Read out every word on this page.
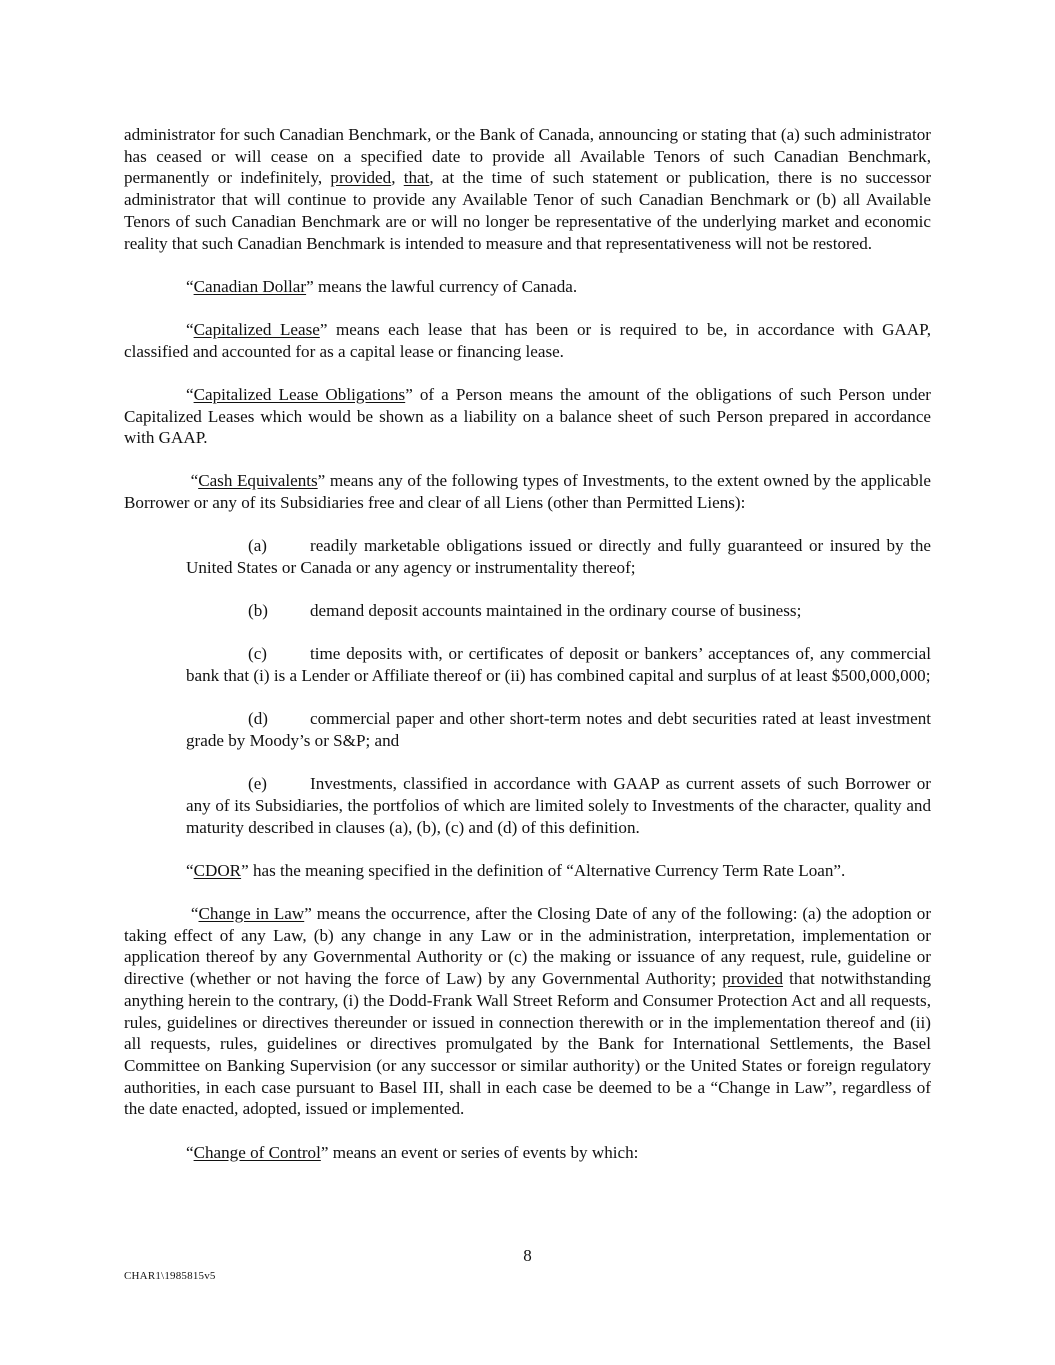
administrator for such Canadian Benchmark, or the Bank of Canada, announcing or stating that (a) such administrator has ceased or will cease on a specified date to provide all Available Tenors of such Canadian Benchmark, permanently or indefinitely, provided, that, at the time of such statement or publication, there is no successor administrator that will continue to provide any Available Tenor of such Canadian Benchmark or (b) all Available Tenors of such Canadian Benchmark are or will no longer be representative of the underlying market and economic reality that such Canadian Benchmark is intended to measure and that representativeness will not be restored.

“Canadian Dollar” means the lawful currency of Canada.

“Capitalized Lease” means each lease that has been or is required to be, in accordance with GAAP, classified and accounted for as a capital lease or financing lease.

“Capitalized Lease Obligations” of a Person means the amount of the obligations of such Person under Capitalized Leases which would be shown as a liability on a balance sheet of such Person prepared in accordance with GAAP.

“Cash Equivalents” means any of the following types of Investments, to the extent owned by the applicable Borrower or any of its Subsidiaries free and clear of all Liens (other than Permitted Liens):

(a)	readily marketable obligations issued or directly and fully guaranteed or insured by the United States or Canada or any agency or instrumentality thereof;

(b) demand deposit accounts maintained in the ordinary course of business;

(c)	time deposits with, or certificates of deposit or bankers’ acceptances of, any commercial bank that (i) is a Lender or Affiliate thereof or (ii) has combined capital and surplus of at least $500,000,000;

(d) commercial paper and other short-term notes and debt securities rated at least investment grade by Moody’s or S&P; and

(e)	Investments, classified in accordance with GAAP as current assets of such Borrower or any of its Subsidiaries, the portfolios of which are limited solely to Investments of the character, quality and maturity described in clauses (a), (b), (c) and (d) of this definition.

“CDOR” has the meaning specified in the definition of “Alternative Currency Term Rate Loan”.

“Change in Law” means the occurrence, after the Closing Date of any of the following: (a) the adoption or taking effect of any Law, (b) any change in any Law or in the administration, interpretation, implementation or application thereof by any Governmental Authority or (c) the making or issuance of any request, rule, guideline or directive (whether or not having the force of Law) by any Governmental Authority; provided that notwithstanding anything herein to the contrary, (i) the Dodd-Frank Wall Street Reform and Consumer Protection Act and all requests, rules, guidelines or directives thereunder or issued in connection therewith or in the implementation thereof and (ii) all requests, rules, guidelines or directives promulgated by the Bank for International Settlements, the Basel Committee on Banking Supervision (or any successor or similar authority) or the United States or foreign regulatory authorities, in each case pursuant to Basel III, shall in each case be deemed to be a “Change in Law”, regardless of the date enacted, adopted, issued or implemented.

“Change of Control” means an event or series of events by which:

8
CHAR1\1985815v5
